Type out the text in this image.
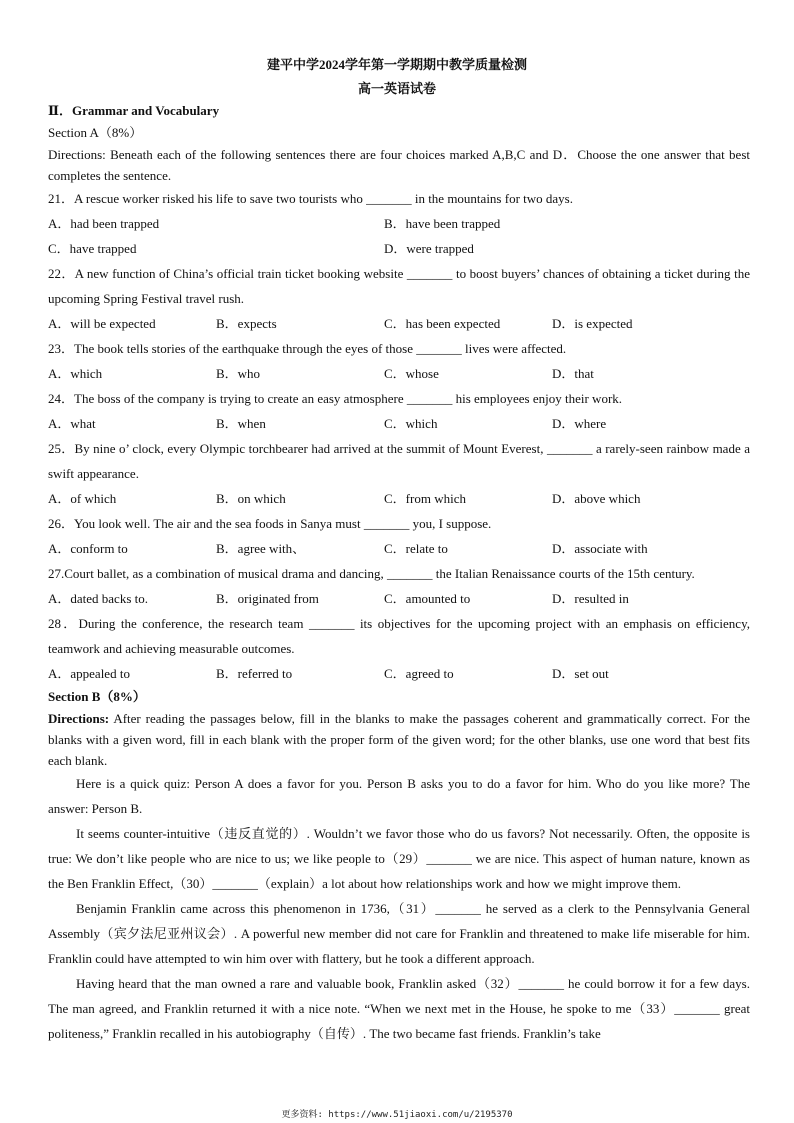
建平中学2024学年第一学期期中教学质量检测
高一英语试卷

Ⅱ．Grammar and Vocabulary

Section A（8%）

Directions: Beneath each of the following sentences there are four choices marked A,B,C and D．Choose the one answer that best completes the sentence.

21．A rescue worker risked his life to save two tourists who _______ in the mountains for two days.

A．had been trapped	B．have been trapped
C．have trapped	D．were trapped

22．A new function of China’s official train ticket booking website _______ to boost buyers’ chances of obtaining a ticket during the upcoming Spring Festival travel rush.

A．will be expected	B．expects	C．has been expected	D．is expected

23．The book tells stories of the earthquake through the eyes of those _______ lives were affected.

A．which	B．who	C．whose	D．that

24．The boss of the company is trying to create an easy atmosphere _______ his employees enjoy their work.

A．what	B．when	C．which	D．where

25．By nine o’ clock, every Olympic torchbearer had arrived at the summit of Mount Everest, _______ a rarely-seen rainbow made a swift appearance.

A．of which	B．on which	C．from which	D．above which

26．You look well. The air and the sea foods in Sanya must _______ you, I suppose.

A．conform to	B．agree with、	C．relate to	D．associate with

27.Court ballet, as a combination of musical drama and dancing, _______ the Italian Renaissance courts of the 15th century.

A．dated backs to.	B．originated from	C．amounted to	D．resulted in

28．During the conference, the research team _______ its objectives for the upcoming project with an emphasis on efficiency, teamwork and achieving measurable outcomes.

A．appealed to	B．referred to	C．agreed to	D．set out

Section B（8%）

Directions: After reading the passages below, fill in the blanks to make the passages coherent and grammatically correct. For the blanks with a given word, fill in each blank with the proper form of the given word; for the other blanks, use one word that best fits each blank.

Here is a quick quiz: Person A does a favor for you. Person B asks you to do a favor for him. Who do you like more? The answer: Person B.

It seems counter-intuitive（违反直觉的）. Wouldn’t we favor those who do us favors? Not necessarily. Often, the opposite is true: We don’t like people who are nice to us; we like people to（29）_______ we are nice. This aspect of human nature, known as the Ben Franklin Effect,（30）_______（explain）a lot about how relationships work and how we might improve them.

Benjamin Franklin came across this phenomenon in 1736,（31）_______ he served as a clerk to the Pennsylvania General Assembly（宾夕法尼亚州议会）. A powerful new member did not care for Franklin and threatened to make life miserable for him. Franklin could have attempted to win him over with flattery, but he took a different approach.

Having heard that the man owned a rare and valuable book, Franklin asked（32）_______ he could borrow it for a few days. The man agreed, and Franklin returned it with a nice note. “When we next met in the House, he spoke to me（33）_______ great politeness,” Franklin recalled in his autobiography（自传）. The two became fast friends. Franklin’s take

更多资料: https://www.51jiaoxi.com/u/2195370
